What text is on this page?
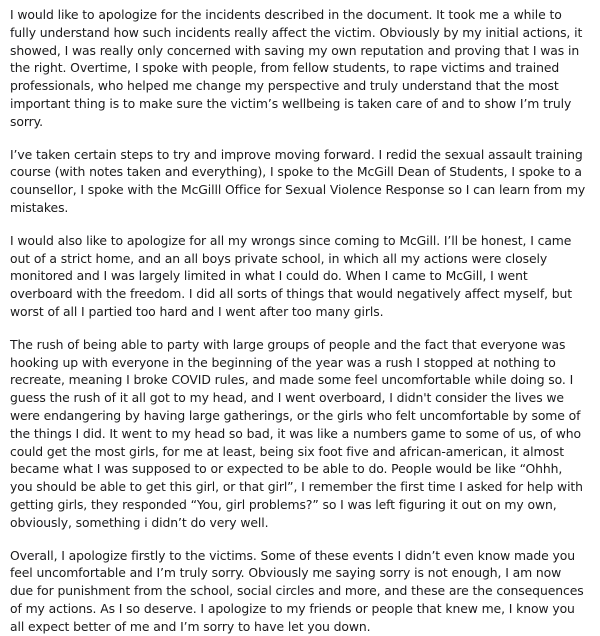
I would like to apologize for the incidents described in the document. It took me a while to fully understand how such incidents really affect the victim. Obviously by my initial actions, it showed, I was really only concerned with saving my own reputation and proving that I was in the right. Overtime, I spoke with people, from fellow students, to rape victims and trained professionals, who helped me change my perspective and truly understand that the most important thing is to make sure the victim’s wellbeing is taken care of and to show I’m truly sorry.

I’ve taken certain steps to try and improve moving forward. I redid the sexual assault training course (with notes taken and everything), I spoke to the McGill Dean of Students, I spoke to a counsellor, I spoke with the McGilll Office for Sexual Violence Response so I can learn from my mistakes.

I would also like to apologize for all my wrongs since coming to McGill. I’ll be honest, I came out of a strict home, and an all boys private school, in which all my actions were closely monitored and I was largely limited in what I could do. When I came to McGill, I went overboard with the freedom. I did all sorts of things that would negatively affect myself, but worst of all I partied too hard and I went after too many girls.

The rush of being able to party with large groups of people and the fact that everyone was hooking up with everyone in the beginning of the year was a rush I stopped at nothing to recreate, meaning I broke COVID rules, and made some feel uncomfortable while doing so. I guess the rush of it all got to my head, and I went overboard, I didn't consider the lives we were endangering by having large gatherings, or the girls who felt uncomfortable by some of the things I did. It went to my head so bad, it was like a numbers game to some of us, of who could get the most girls, for me at least, being six foot five and african-american, it almost became what I was supposed to or expected to be able to do. People would be like “Ohhh, you should be able to get this girl, or that girl”, I remember the first time I asked for help with getting girls, they responded “You, girl problems?” so I was left figuring it out on my own, obviously, something i didn’t do very well.

Overall, I apologize firstly to the victims. Some of these events I didn’t even know made you feel uncomfortable and I’m truly sorry. Obviously me saying sorry is not enough, I am now due for punishment from the school, social circles and more, and these are the consequences of my actions. As I so deserve. I apologize to my friends or people that knew me, I know you all expect better of me and I’m sorry to have let you down.
